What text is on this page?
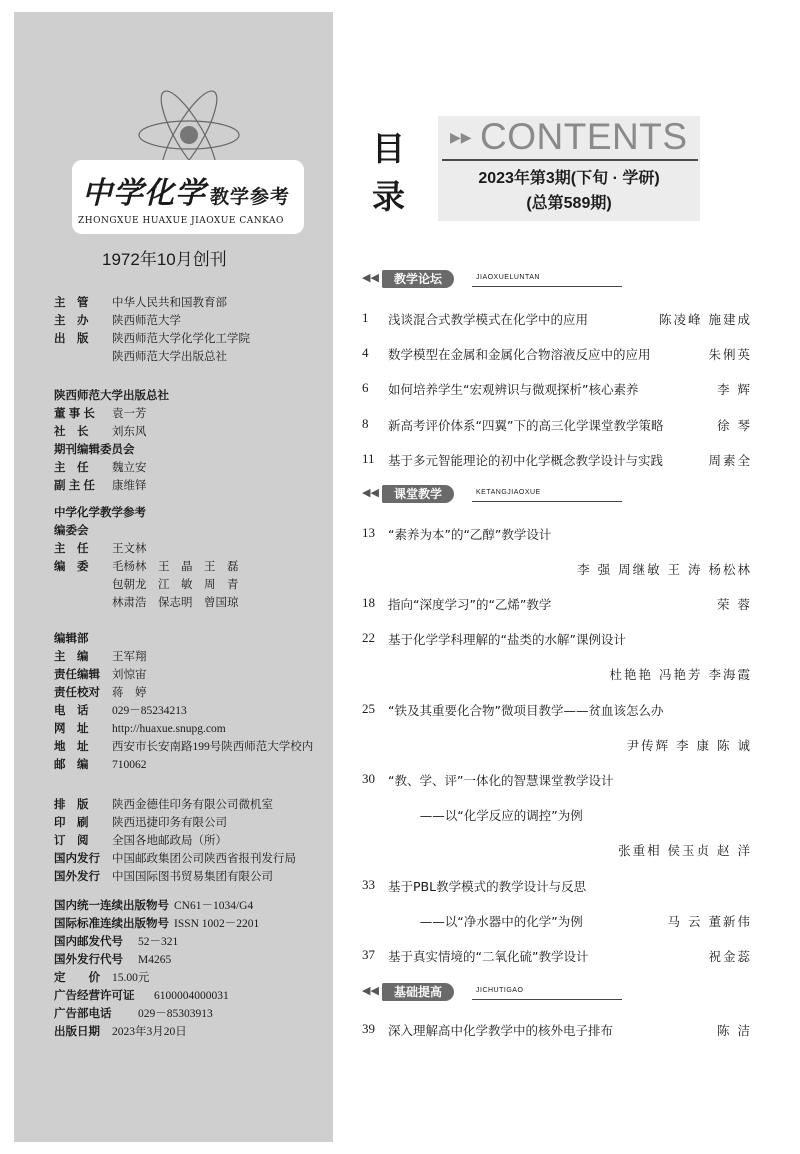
中学化学 教学参考
ZHONGXUE HUAXUE JIAOXUE CANKAO
1972年10月创刊
主　管	中华人民共和国教育部
主　办	陕西师范大学
出　版	陕西师范大学化学化工学院
陕西师范大学出版总社
陕西师范大学出版总社
董 事 长	袁一芳
社　长	刘东风
期刊编辑委员会
主　任	魏立安
副 主 任	康维铎
中学化学教学参考
编委会
主　任	王文林
编　委	毛杨林　王　晶　王　磊
包朝龙　江　敏　周　青
林肃浩　保志明　曾国琼
编辑部
主　编	王军翔
责任编辑	刘惊宙
责任校对	蒋　婷
电　话	029－85234213
网　址	http://huaxue.snupg.com
地　址	西安市长安南路199号陕西师范大学校内
邮　编	710062
排　版	陕西金德佳印务有限公司微机室
印　刷	陕西迅捷印务有限公司
订　阅	全国各地邮政局（所）
国内发行	中国邮政集团公司陕西省报刊发行局
国外发行	中国国际图书贸易集团有限公司
国内统一连续出版物号 CN61－1034/G4
国际标准连续出版物号 ISSN 1002－2201
国内邮发代号	52－321
国外发行代号	M4265
定　　价	15.00元
广告经营许可证	6100004000031
广告部电话	029－85303913
出版日期	2023年3月20日
目
录
▶▶ CONTENTS
2023年第3期(下旬 · 学研)
(总第589期)
◀◀	教学论坛	JIAOXUELUNTAN
◀◀	课堂教学	KETANGJIAOXUE
◀◀	基础提高	JICHUTIGAO
1 浅谈混合式教学模式在化学中的应用	陈凌峰 施建成
4 数学模型在金属和金属化合物溶液反应中的应用	朱俐英
6 如何培养学生“宏观辨识与微观探析”核心素养	李 辉
8 新高考评价体系“四翼”下的高三化学课堂教学策略	徐 琴
11 基于多元智能理论的初中化学概念教学设计与实践	周素全
13 “素养为本”的“乙醇”教学设计
李 强 周继敏 王 涛 杨松林
18 指向“深度学习”的“乙烯”教学	荣 蓉
22 基于化学学科理解的“盐类的水解”课例设计
杜艳艳 冯艳芳 李海霞
25 “铁及其重要化合物”微项目教学——贫血该怎么办
尹传辉 李 康 陈 诚
30 “教、学、评”一体化的智慧课堂教学设计
——以“化学反应的调控”为例
张重相 侯玉贞 赵 洋
33 基于PBL教学模式的教学设计与反思
——以“净水器中的化学”为例	马 云 董新伟
37 基于真实情境的“二氧化硫”教学设计	祝金蕊
39 深入理解高中化学教学中的核外电子排布	陈 洁
